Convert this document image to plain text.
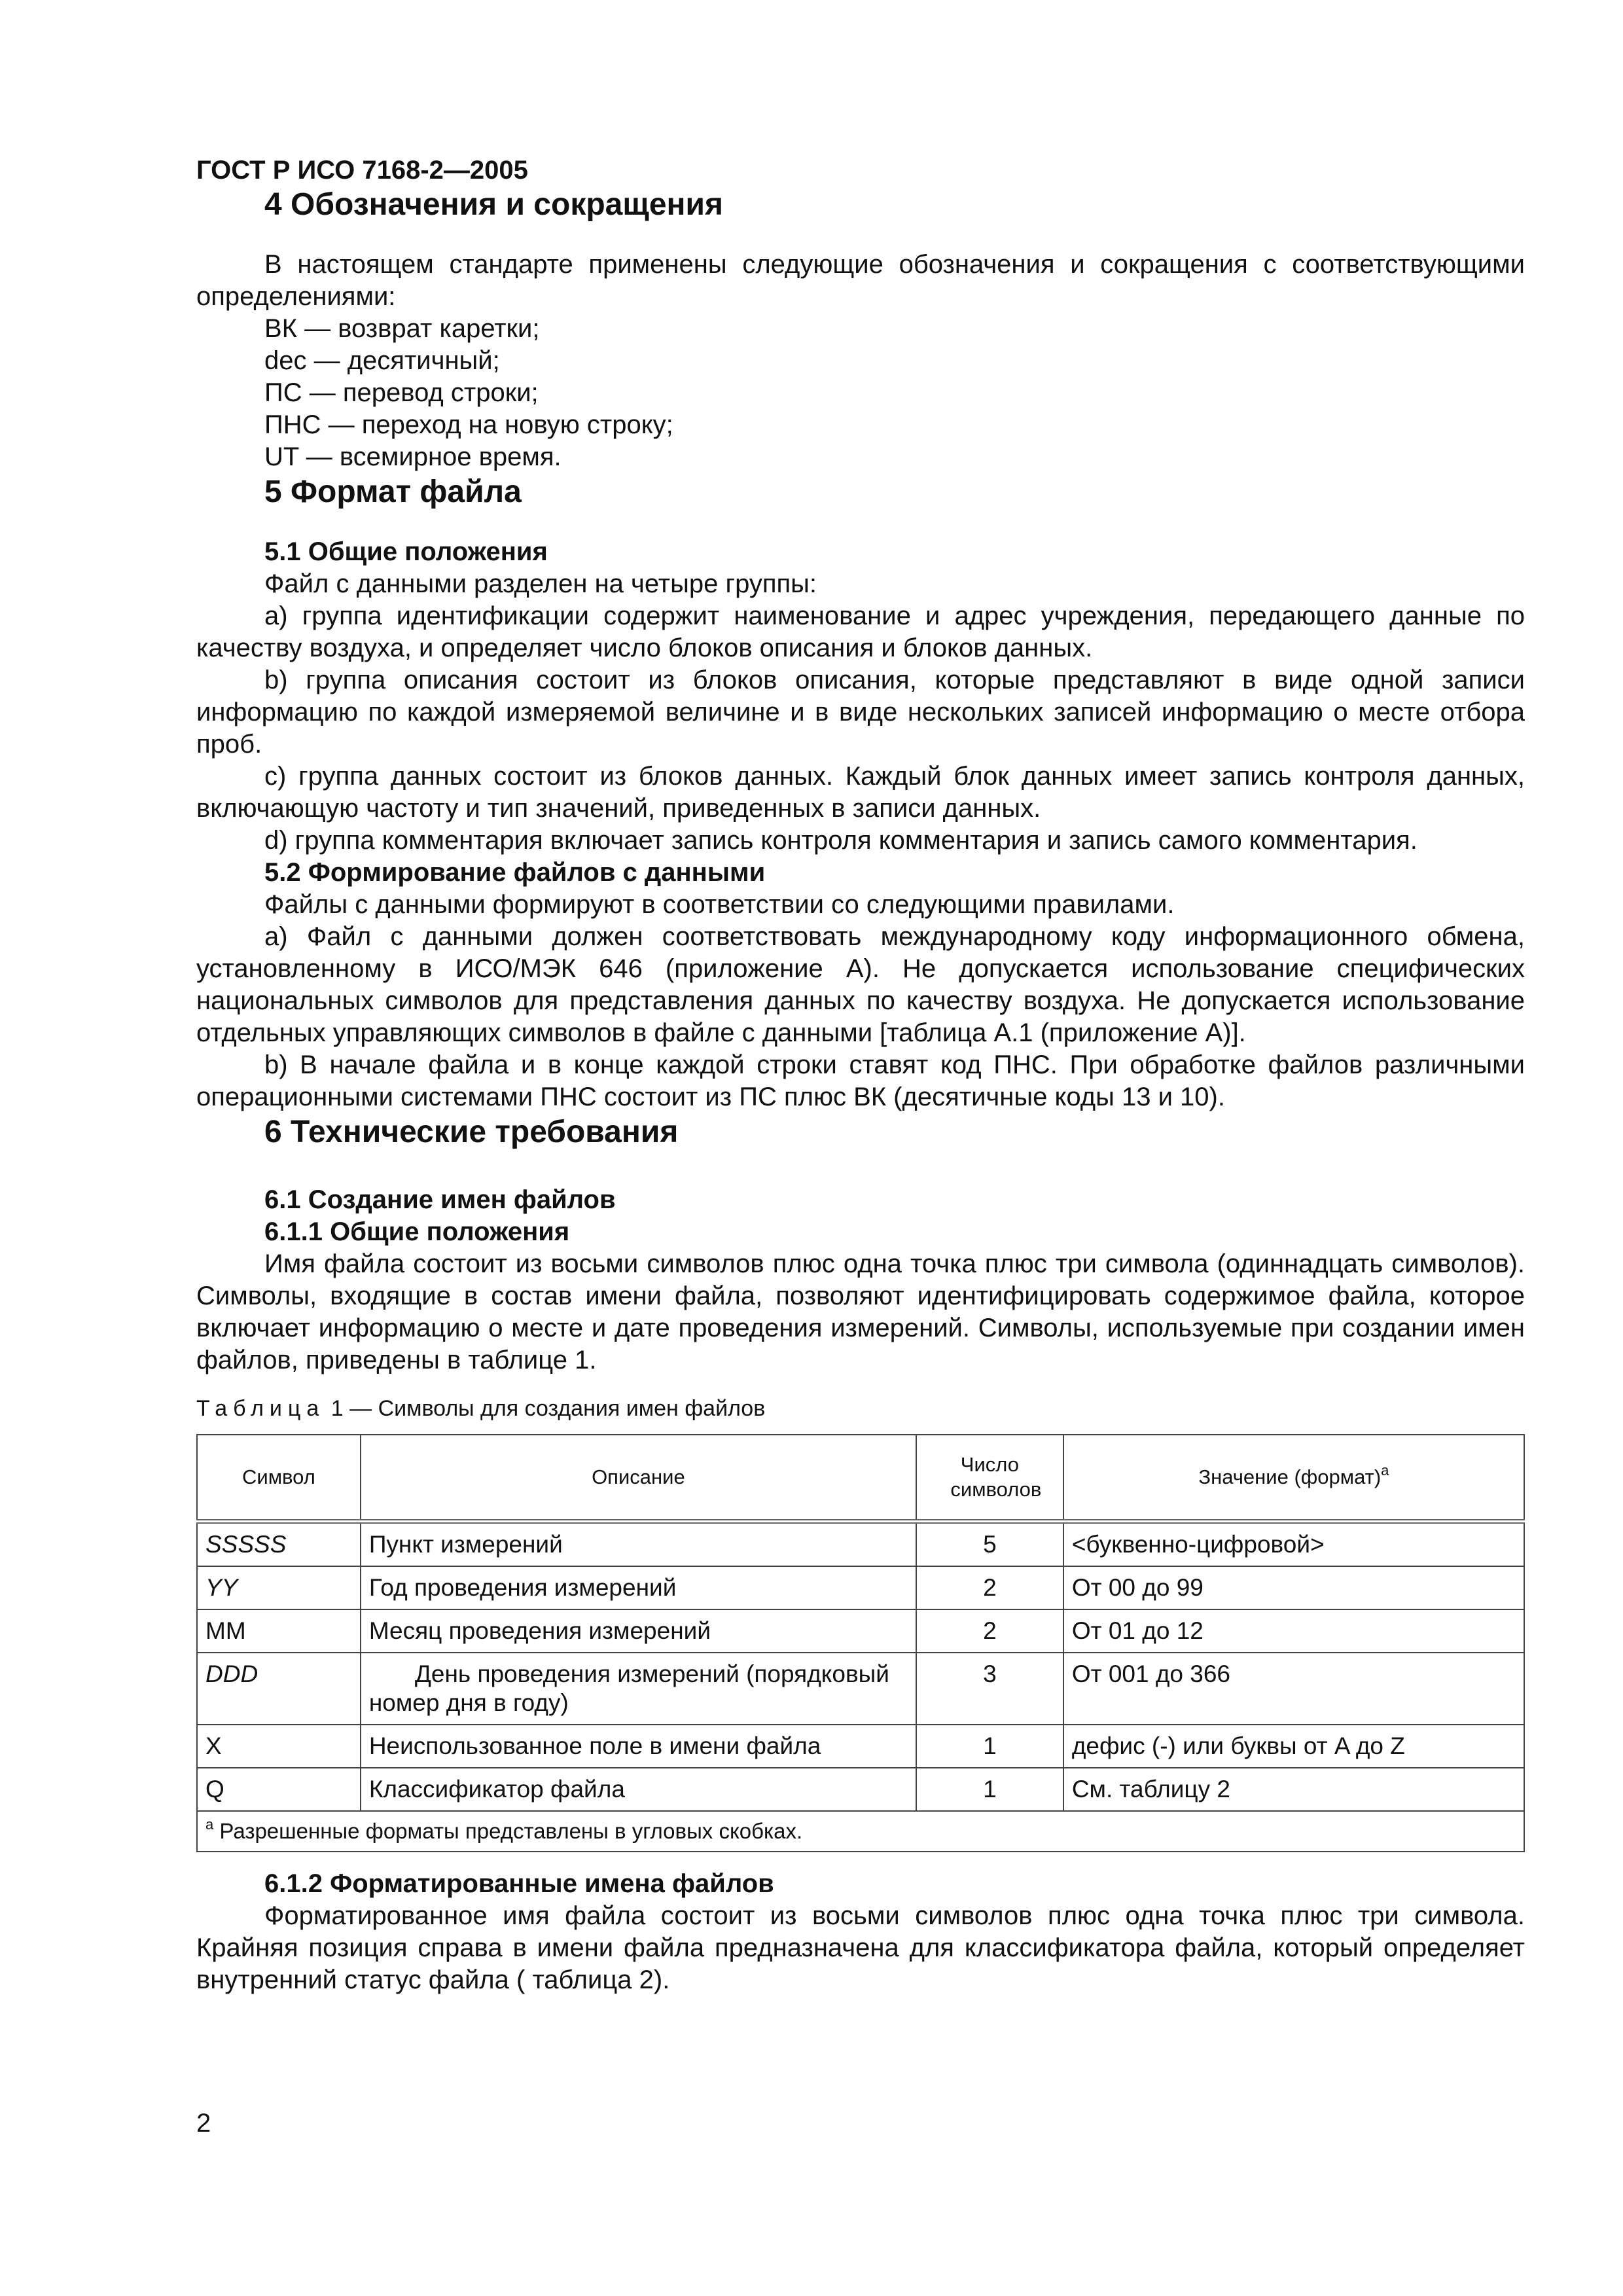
ГОСТ Р ИСО 7168-2—2005

4 Обозначения и сокращения

В настоящем стандарте применены следующие обозначения и сокращения с соответствующими определениями:

ВК — возврат каретки;

dec — десятичный;

ПС — перевод строки;

ПНС — переход на новую строку;

UT — всемирное время.

5 Формат файла

5.1 Общие положения

Файл с данными разделен на четыре группы:

a) группа идентификации содержит наименование и адрес учреждения, передающего данные по качеству воздуха, и определяет число блоков описания и блоков данных.

b) группа описания состоит из блоков описания, которые представляют в виде одной записи информацию по каждой измеряемой величине и в виде нескольких записей информацию о месте отбора проб.

c) группа данных состоит из блоков данных. Каждый блок данных имеет запись контроля данных, включающую частоту и тип значений, приведенных в записи данных.

d) группа комментария включает запись контроля комментария и запись самого комментария.

5.2 Формирование файлов с данными

Файлы с данными формируют в соответствии со следующими правилами.

a) Файл с данными должен соответствовать международному коду информационного обмена, установленному в ИСО/МЭК 646 (приложение А). Не допускается использование специфических национальных символов для представления данных по качеству воздуха. Не допускается использование отдельных управляющих символов в файле с данными [таблица А.1 (приложение А)].

b) В начале файла и в конце каждой строки ставят код ПНС. При обработке файлов различными операционными системами ПНС состоит из ПС плюс ВК (десятичные коды 13 и 10).

6 Технические требования

6.1 Создание имен файлов

6.1.1 Общие положения

Имя файла состоит из восьми символов плюс одна точка плюс три символа (одиннадцать символов). Символы, входящие в состав имени файла, позволяют идентифицировать содержимое файла, которое включает информацию о месте и дате проведения измерений. Символы, используемые при создании имен файлов, приведены в таблице 1.

Таблица 1 — Символы для создания имен файлов

Символ	Описание	Число символов	Значение (формат)$^a$
SSSSS	Пункт измерений	5	<буквенно-цифровой>
YY	Год проведения измерений	2	От 00 до 99
MM	Месяц проведения измерений	2	От 01 до 12
DDD	День проведения измерений (порядковый номер дня в году)	3	От 001 до 366
X	Неиспользованное поле в имени файла	1	дефис (-) или буквы от A до Z
Q	Классификатор файла	1	См. таблицу 2
$^a$ Разрешенные форматы представлены в угловых скобках.			

6.1.2 Форматированные имена файлов

Форматированное имя файла состоит из восьми символов плюс одна точка плюс три символа. Крайняя позиция справа в имени файла предназначена для классификатора файла, который определяет внутренний статус файла ( таблица 2).

2
